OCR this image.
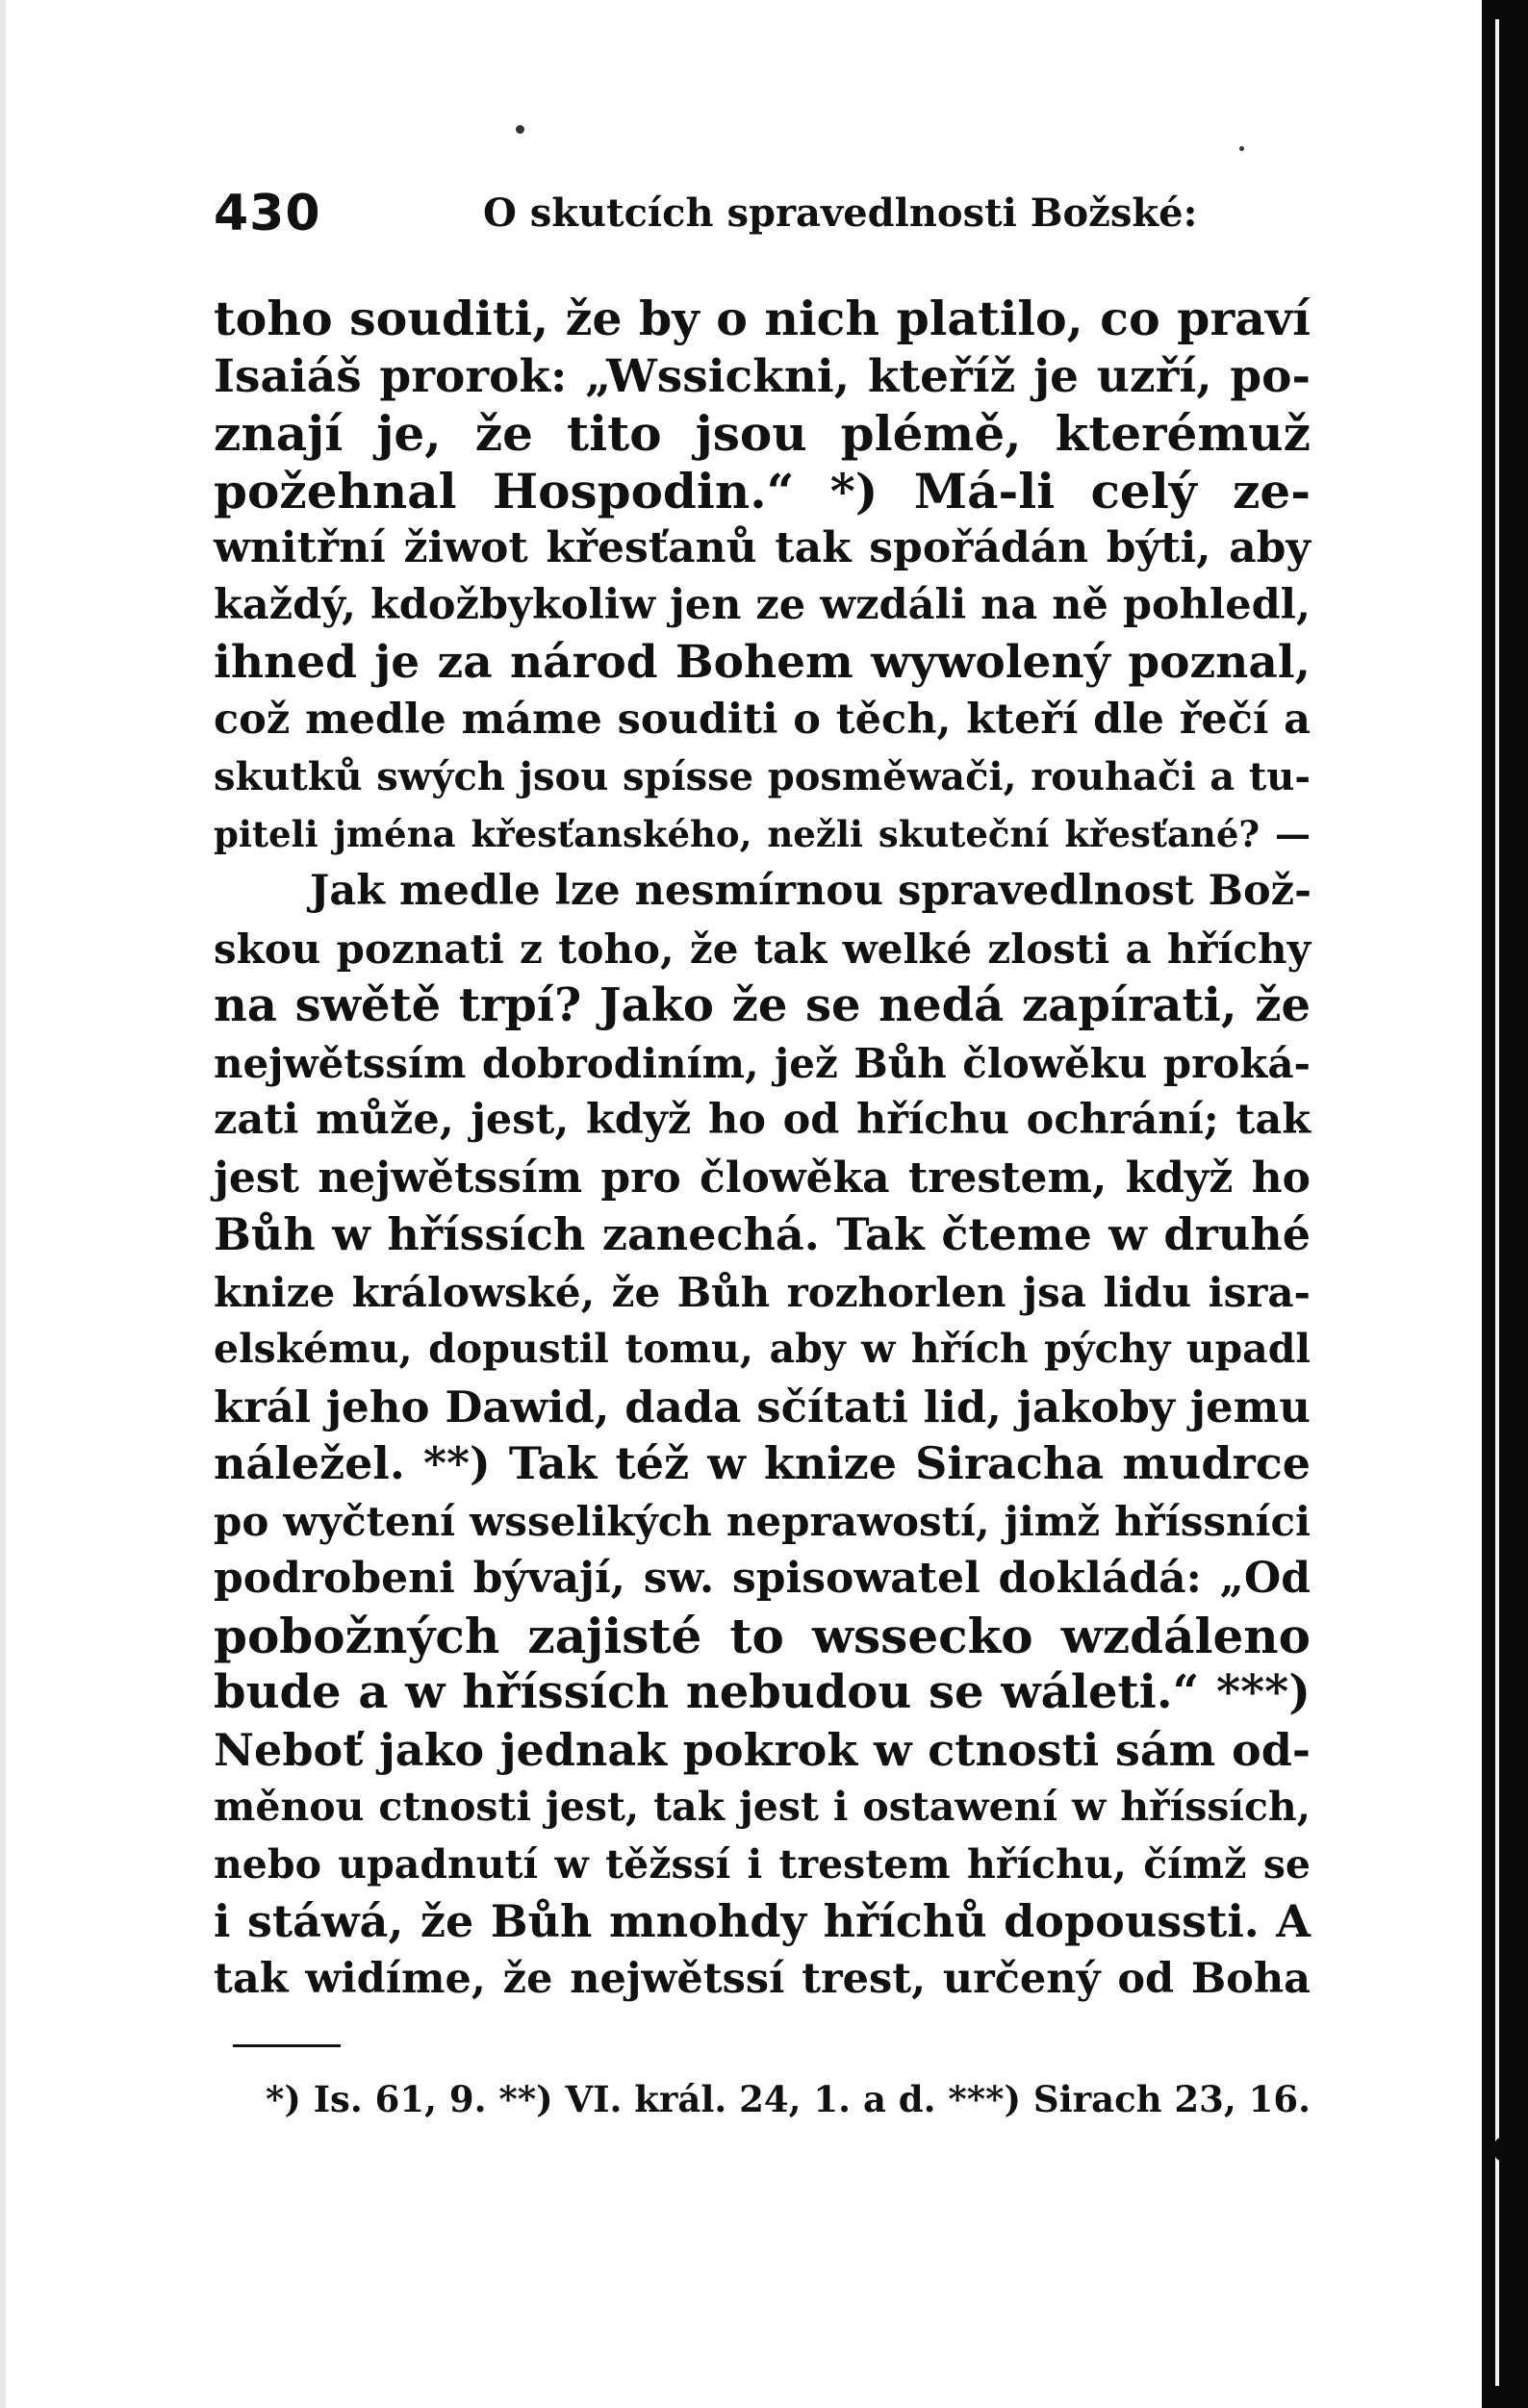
430	O skutcích spravedlnosti Božské:
toho souditi, že by o nich platilo, co praví
Isaiáš prorok: „Wssickni, kteříž je uzří, po-
znají je, že tito jsou plémě, kterémuž
požehnal Hospodin.“ *) Má-li celý ze-
wnitřní žiwot křesťanů tak spořádán býti, aby
každý, kdožbykoliw jen ze wzdáli na ně pohledl,
ihned je za národ Bohem wywolený poznal,
což medle máme souditi o těch, kteří dle řečí a
skutků swých jsou spísse posměwači, rouhači a tu-
piteli jména křesťanského, nežli skuteční křesťané? —
Jak medle lze nesmírnou spravedlnost Bož-
skou poznati z toho, že tak welké zlosti a hříchy
na swětě trpí? Jako že se nedá zapírati, že
nejwětssím dobrodiním, jež Bůh člowěku proká-
zati může, jest, když ho od hříchu ochrání; tak
jest nejwětssím pro člowěka trestem, když ho
Bůh w hříssích zanechá. Tak čteme w druhé
knize králowské, že Bůh rozhorlen jsa lidu isra-
elskému, dopustil tomu, aby w hřích pýchy upadl
král jeho Dawid, dada sčítati lid, jakoby jemu
náležel. **) Tak též w knize Siracha mudrce
po wyčtení wsselikých neprawostí, jimž hříssníci
podrobeni bývají, sw. spisowatel dokládá: „Od
pobožných zajisté to wssecko wzdáleno
bude a w hříssích nebudou se wáleti.“ ***)
Neboť jako jednak pokrok w ctnosti sám od-
měnou ctnosti jest, tak jest i ostawení w hříssích,
nebo upadnutí w těžssí i trestem hříchu, čímž se
i stáwá, že Bůh mnohdy hříchů dopoussti. A
tak widíme, že nejwětssí trest, určený od Boha
*) Is. 61, 9. **) VI. král. 24, 1. a d. ***) Sirach 23, 16.
